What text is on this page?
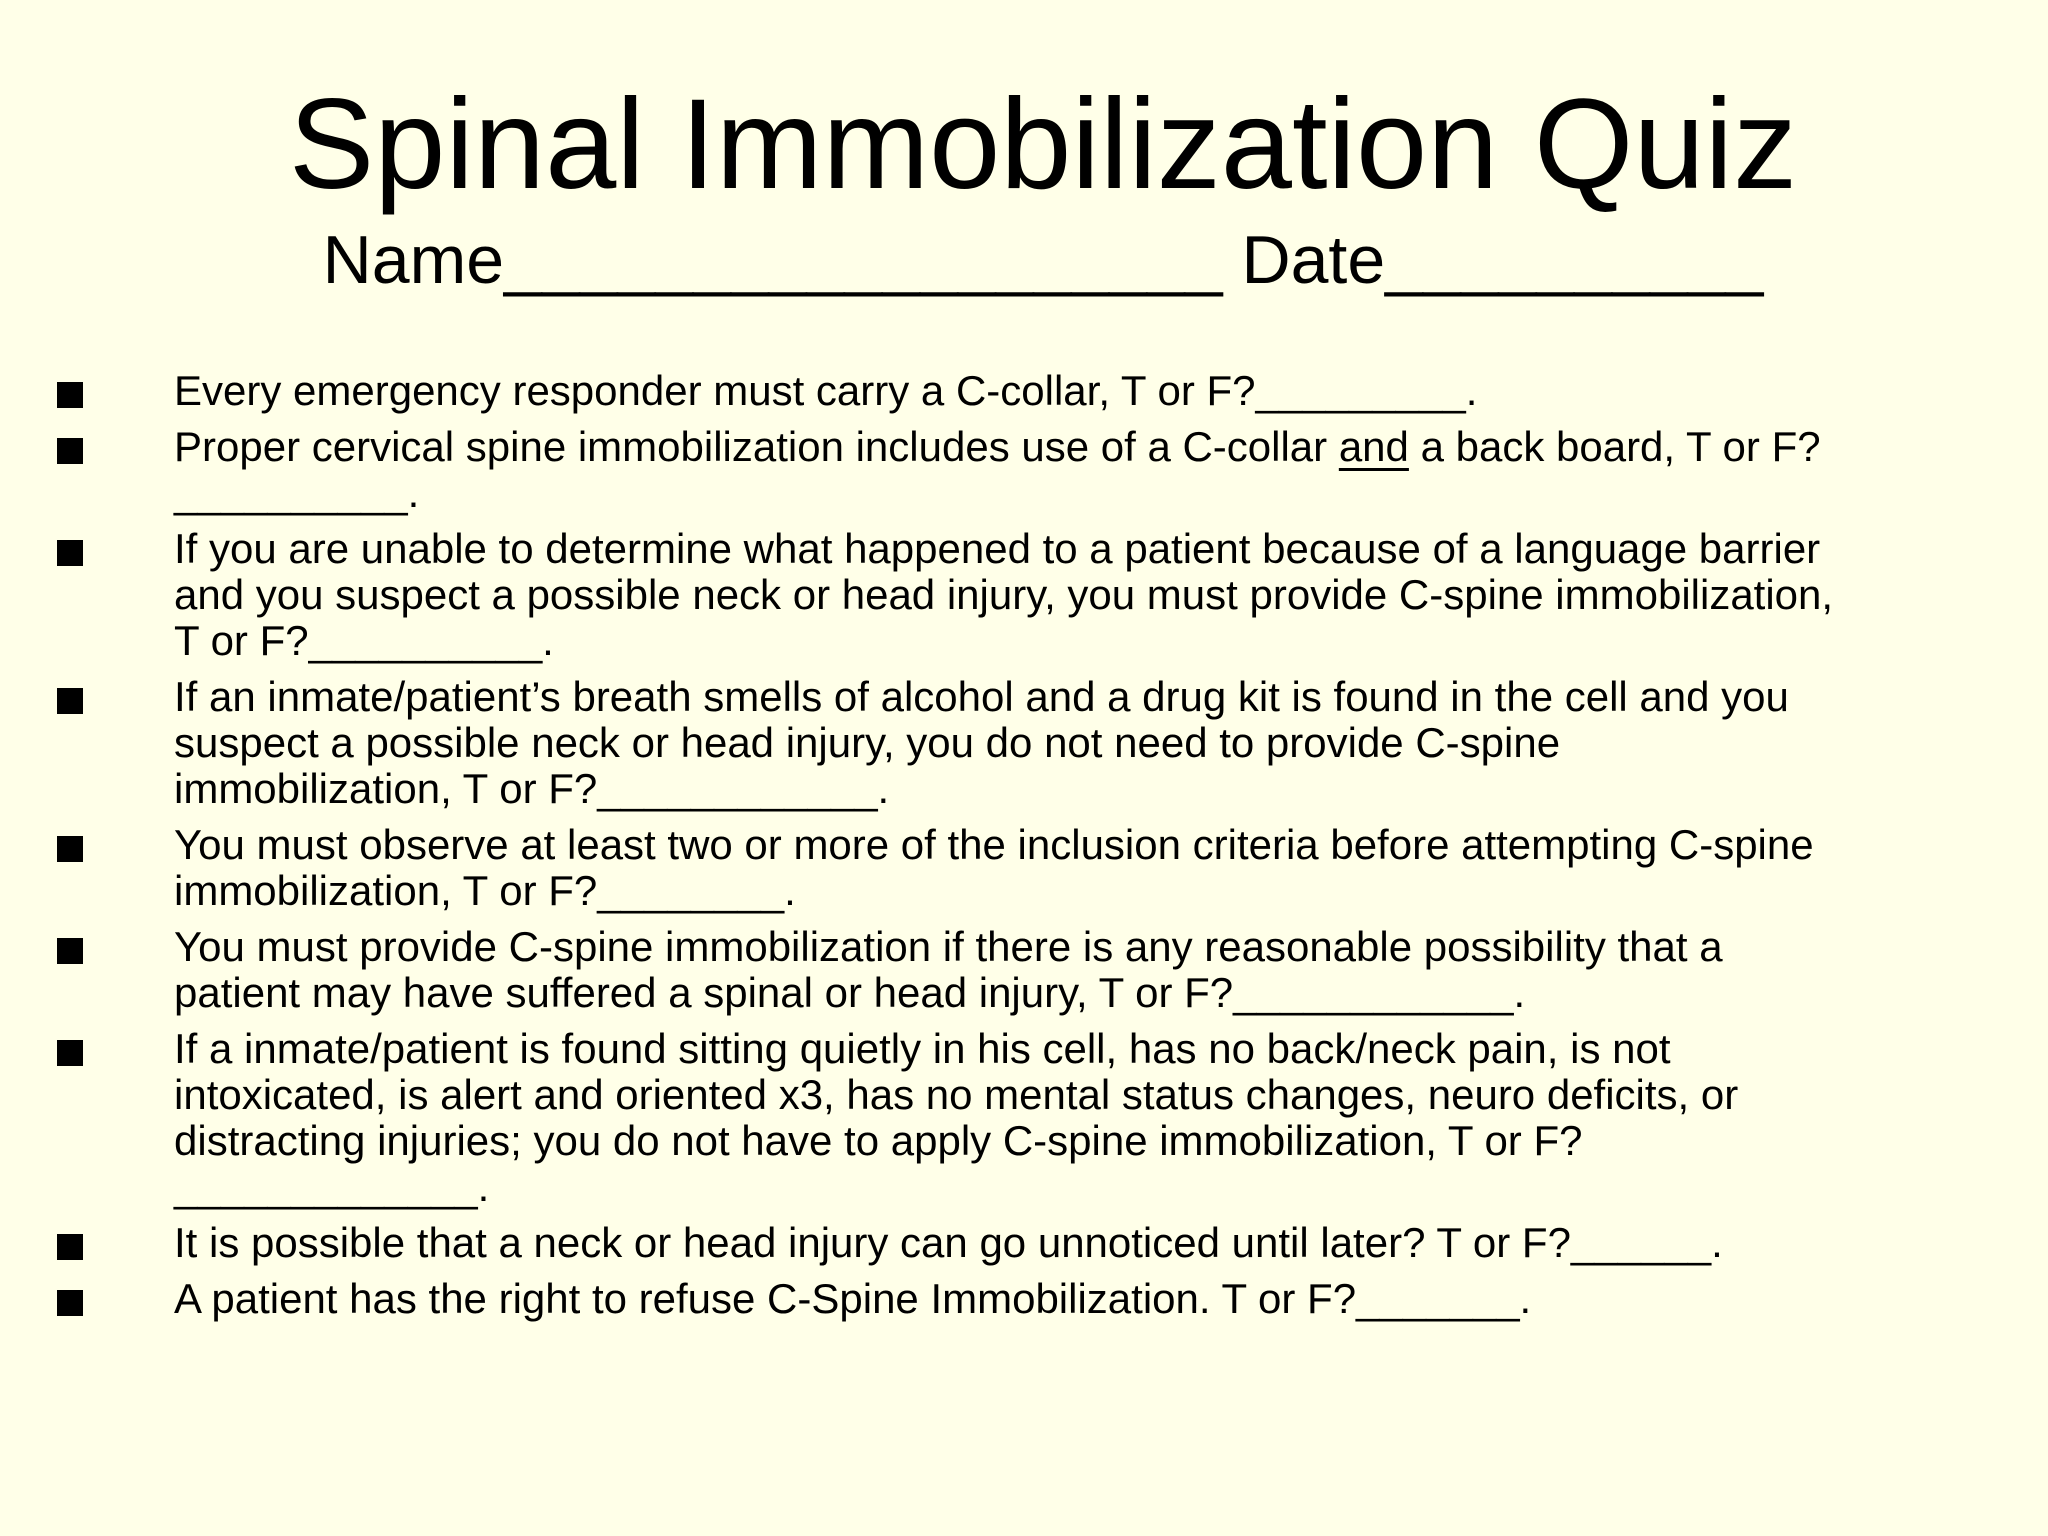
Spinal Immobilization Quiz
Name___________________ Date__________
Every emergency responder must carry a C-collar, T or F?_________.
Proper cervical spine immobilization includes use of a C-collar and a back board, T or F?
__________.
If you are unable to determine what happened to a patient because of a language barrier
and you suspect a possible neck or head injury, you must provide C-spine immobilization,
T or F?__________.
If an inmate/patient’s breath smells of alcohol and a drug kit is found in the cell and you
suspect a possible neck or head injury, you do not need to provide C-spine
immobilization, T or F?____________.
You must observe at least two or more of the inclusion criteria before attempting C-spine
immobilization, T or F?________.
You must provide C-spine immobilization if there is any reasonable possibility that a
patient may have suffered a spinal or head injury, T or F?____________.
If a inmate/patient is found sitting quietly in his cell, has no back/neck pain, is not
intoxicated, is alert and oriented x3, has no mental status changes, neuro deficits, or
distracting injuries; you do not have to apply C-spine immobilization, T or F?
_____________.
It is possible that a neck or head injury can go unnoticed until later? T or F?______.
A patient has the right to refuse C-Spine Immobilization. T or F?_______.
